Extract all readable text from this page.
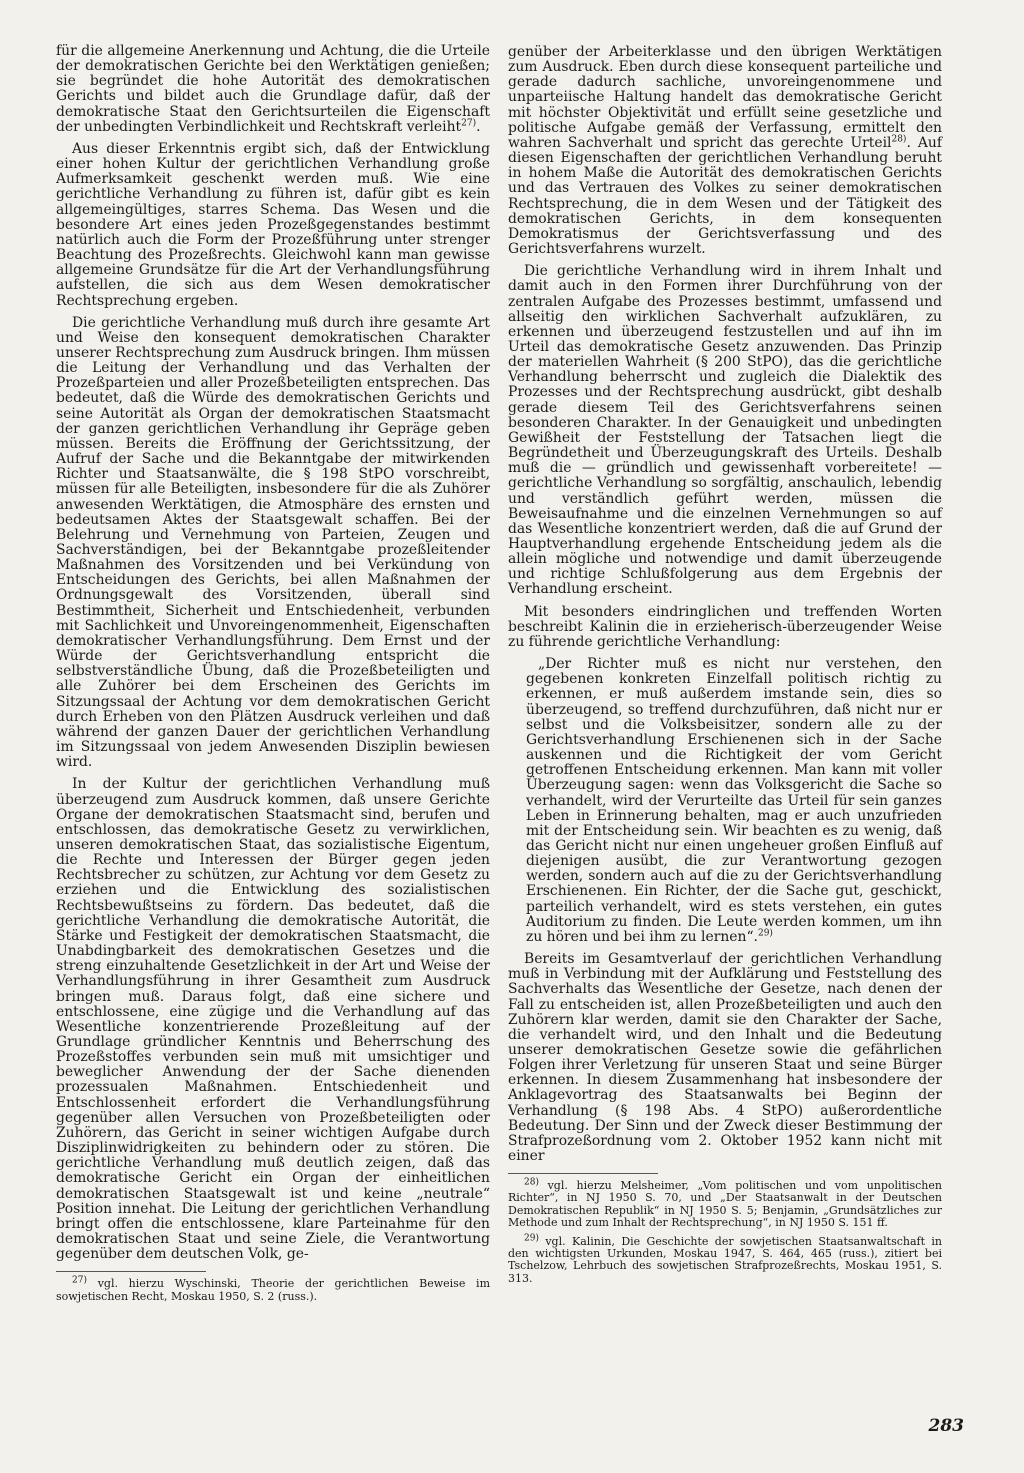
für die allgemeine Anerkennung und Achtung, die die Urteile der demokratischen Gerichte bei den Werktätigen genießen; sie begründet die hohe Autorität des demokratischen Gerichts und bildet auch die Grundlage dafür, daß der demokratische Staat den Gerichtsurteilen die Eigenschaft der unbedingten Verbindlichkeit und Rechtskraft verleiht$^{27)}$.

Aus dieser Erkenntnis ergibt sich, daß der Entwicklung einer hohen Kultur der gerichtlichen Verhandlung große Aufmerksamkeit geschenkt werden muß. Wie eine gerichtliche Verhandlung zu führen ist, dafür gibt es kein allgemeingültiges, starres Schema. Das Wesen und die besondere Art eines jeden Prozeßgegenstandes bestimmt natürlich auch die Form der Prozeßführung unter strenger Beachtung des Prozeßrechts. Gleichwohl kann man gewisse allgemeine Grundsätze für die Art der Verhandlungsführung aufstellen, die sich aus dem Wesen demokratischer Rechtsprechung ergeben.

Die gerichtliche Verhandlung muß durch ihre gesamte Art und Weise den konsequent demokratischen Charakter unserer Rechtsprechung zum Ausdruck bringen. Ihm müssen die Leitung der Verhandlung und das Verhalten der Prozeßparteien und aller Prozeßbeteiligten entsprechen. Das bedeutet, daß die Würde des demokratischen Gerichts und seine Autorität als Organ der demokratischen Staatsmacht der ganzen gerichtlichen Verhandlung ihr Gepräge geben müssen. Bereits die Eröffnung der Gerichtssitzung, der Aufruf der Sache und die Bekanntgabe der mitwirkenden Richter und Staatsanwälte, die § 198 StPO vorschreibt, müssen für alle Beteiligten, insbesondere für die als Zuhörer anwesenden Werktätigen, die Atmosphäre des ernsten und bedeutsamen Aktes der Staatsgewalt schaffen. Bei der Belehrung und Vernehmung von Parteien, Zeugen und Sachverständigen, bei der Bekanntgabe prozeßleitender Maßnahmen des Vorsitzenden und bei Verkündung von Entscheidungen des Gerichts, bei allen Maßnahmen der Ordnungsgewalt des Vorsitzenden, überall sind Bestimmtheit, Sicherheit und Entschiedenheit, verbunden mit Sachlichkeit und Unvoreingenommenheit, Eigenschaften demokratischer Verhandlungsführung. Dem Ernst und der Würde der Gerichtsverhandlung entspricht die selbstverständliche Übung, daß die Prozeßbeteiligten und alle Zuhörer bei dem Erscheinen des Gerichts im Sitzungssaal der Achtung vor dem demokratischen Gericht durch Erheben von den Plätzen Ausdruck verleihen und daß während der ganzen Dauer der gerichtlichen Verhandlung im Sitzungssaal von jedem Anwesenden Disziplin bewiesen wird.

In der Kultur der gerichtlichen Verhandlung muß überzeugend zum Ausdruck kommen, daß unsere Gerichte Organe der demokratischen Staatsmacht sind, berufen und entschlossen, das demokratische Gesetz zu verwirklichen, unseren demokratischen Staat, das sozialistische Eigentum, die Rechte und Interessen der Bürger gegen jeden Rechtsbrecher zu schützen, zur Achtung vor dem Gesetz zu erziehen und die Entwicklung des sozialistischen Rechtsbewußtseins zu fördern. Das bedeutet, daß die gerichtliche Verhandlung die demokratische Autorität, die Stärke und Festigkeit der demokratischen Staatsmacht, die Unabdingbarkeit des demokratischen Gesetzes und die streng einzuhaltende Gesetzlichkeit in der Art und Weise der Verhandlungsführung in ihrer Gesamtheit zum Ausdruck bringen muß. Daraus folgt, daß eine sichere und entschlossene, eine zügige und die Verhandlung auf das Wesentliche konzentrierende Prozeßleitung auf der Grundlage gründlicher Kenntnis und Beherrschung des Prozeßstoffes verbunden sein muß mit umsichtiger und beweglicher Anwendung der der Sache dienenden prozessualen Maßnahmen. Entschiedenheit und Entschlossenheit erfordert die Verhandlungsführung gegenüber allen Versuchen von Prozeßbeteiligten oder Zuhörern, das Gericht in seiner wichtigen Aufgabe durch Disziplinwidrigkeiten zu behindern oder zu stören. Die gerichtliche Verhandlung muß deutlich zeigen, daß das demokratische Gericht ein Organ der einheitlichen demokratischen Staatsgewalt ist und keine „neutrale“ Position innehat. Die Leitung der gerichtlichen Verhandlung bringt offen die entschlossene, klare Parteinahme für den demokratischen Staat und seine Ziele, die Verantwortung gegenüber dem deutschen Volk, ge-

$^{27)}$ vgl. hierzu Wyschinski, Theorie der gerichtlichen Beweise im sowjetischen Recht, Moskau 1950, S. 2 (russ.).

genüber der Arbeiterklasse und den übrigen Werktätigen zum Ausdruck. Eben durch diese konsequent parteiliche und gerade dadurch sachliche, unvoreingenommene und unparteiische Haltung handelt das demokratische Gericht mit höchster Objektivität und erfüllt seine gesetzliche und politische Aufgabe gemäß der Verfassung, ermittelt den wahren Sachverhalt und spricht das gerechte Urteil$^{28)}$. Auf diesen Eigenschaften der gerichtlichen Verhandlung beruht in hohem Maße die Autorität des demokratischen Gerichts und das Vertrauen des Volkes zu seiner demokratischen Rechtsprechung, die in dem Wesen und der Tätigkeit des demokratischen Gerichts, in dem konsequenten Demokratismus der Gerichtsverfassung und des Gerichtsverfahrens wurzelt.

Die gerichtliche Verhandlung wird in ihrem Inhalt und damit auch in den Formen ihrer Durchführung von der zentralen Aufgabe des Prozesses bestimmt, umfassend und allseitig den wirklichen Sachverhalt aufzuklären, zu erkennen und überzeugend festzustellen und auf ihn im Urteil das demokratische Gesetz anzuwenden. Das Prinzip der materiellen Wahrheit (§ 200 StPO), das die gerichtliche Verhandlung beherrscht und zugleich die Dialektik des Prozesses und der Rechtsprechung ausdrückt, gibt deshalb gerade diesem Teil des Gerichtsverfahrens seinen besonderen Charakter. In der Genauigkeit und unbedingten Gewißheit der Feststellung der Tatsachen liegt die Begründetheit und Überzeugungskraft des Urteils. Deshalb muß die — gründlich und gewissenhaft vorbereitete! — gerichtliche Verhandlung so sorgfältig, anschaulich, lebendig und verständlich geführt werden, müssen die Beweisaufnahme und die einzelnen Vernehmungen so auf das Wesentliche konzentriert werden, daß die auf Grund der Hauptverhandlung ergehende Entscheidung jedem als die allein mögliche und notwendige und damit überzeugende und richtige Schlußfolgerung aus dem Ergebnis der Verhandlung erscheint.

Mit besonders eindringlichen und treffenden Worten beschreibt Kalinin die in erzieherisch-überzeugender Weise zu führende gerichtliche Verhandlung:

„Der Richter muß es nicht nur verstehen, den gegebenen konkreten Einzelfall politisch richtig zu erkennen, er muß außerdem imstande sein, dies so überzeugend, so treffend durchzuführen, daß nicht nur er selbst und die Volksbeisitzer, sondern alle zu der Gerichtsverhandlung Erschienenen sich in der Sache auskennen und die Richtigkeit der vom Gericht getroffenen Entscheidung erkennen. Man kann mit voller Überzeugung sagen: wenn das Volksgericht die Sache so verhandelt, wird der Verurteilte das Urteil für sein ganzes Leben in Erinnerung behalten, mag er auch unzufrieden mit der Entscheidung sein. Wir beachten es zu wenig, daß das Gericht nicht nur einen ungeheuer großen Einfluß auf diejenigen ausübt, die zur Verantwortung gezogen werden, sondern auch auf die zu der Gerichtsverhandlung Erschienenen. Ein Richter, der die Sache gut, geschickt, parteilich verhandelt, wird es stets verstehen, ein gutes Auditorium zu finden. Die Leute werden kommen, um ihn zu hören und bei ihm zu lernen“.$^{29)}$

Bereits im Gesamtverlauf der gerichtlichen Verhandlung muß in Verbindung mit der Aufklärung und Feststellung des Sachverhalts das Wesentliche der Gesetze, nach denen der Fall zu entscheiden ist, allen Prozeßbeteiligten und auch den Zuhörern klar werden, damit sie den Charakter der Sache, die verhandelt wird, und den Inhalt und die Bedeutung unserer demokratischen Gesetze sowie die gefährlichen Folgen ihrer Verletzung für unseren Staat und seine Bürger erkennen. In diesem Zusammenhang hat insbesondere der Anklagevortrag des Staatsanwalts bei Beginn der Verhandlung (§ 198 Abs. 4 StPO) außerordentliche Bedeutung. Der Sinn und der Zweck dieser Bestimmung der Strafprozeßordnung vom 2. Oktober 1952 kann nicht mit einer

$^{28)}$ vgl. hierzu Melsheimer, „Vom politischen und vom unpolitischen Richter“, in NJ 1950 S. 70, und „Der Staatsanwalt in der Deutschen Demokratischen Republik“ in NJ 1950 S. 5; Benjamin, „Grundsätzliches zur Methode und zum Inhalt der Rechtsprechung“, in NJ 1950 S. 151 ff.

$^{29)}$ vgl. Kalinin, Die Geschichte der sowjetischen Staatsanwaltschaft in den wichtigsten Urkunden, Moskau 1947, S. 464, 465 (russ.), zitiert bei Tschelzow, Lehrbuch des sowjetischen Strafprozeßrechts, Moskau 1951, S. 313.

283
